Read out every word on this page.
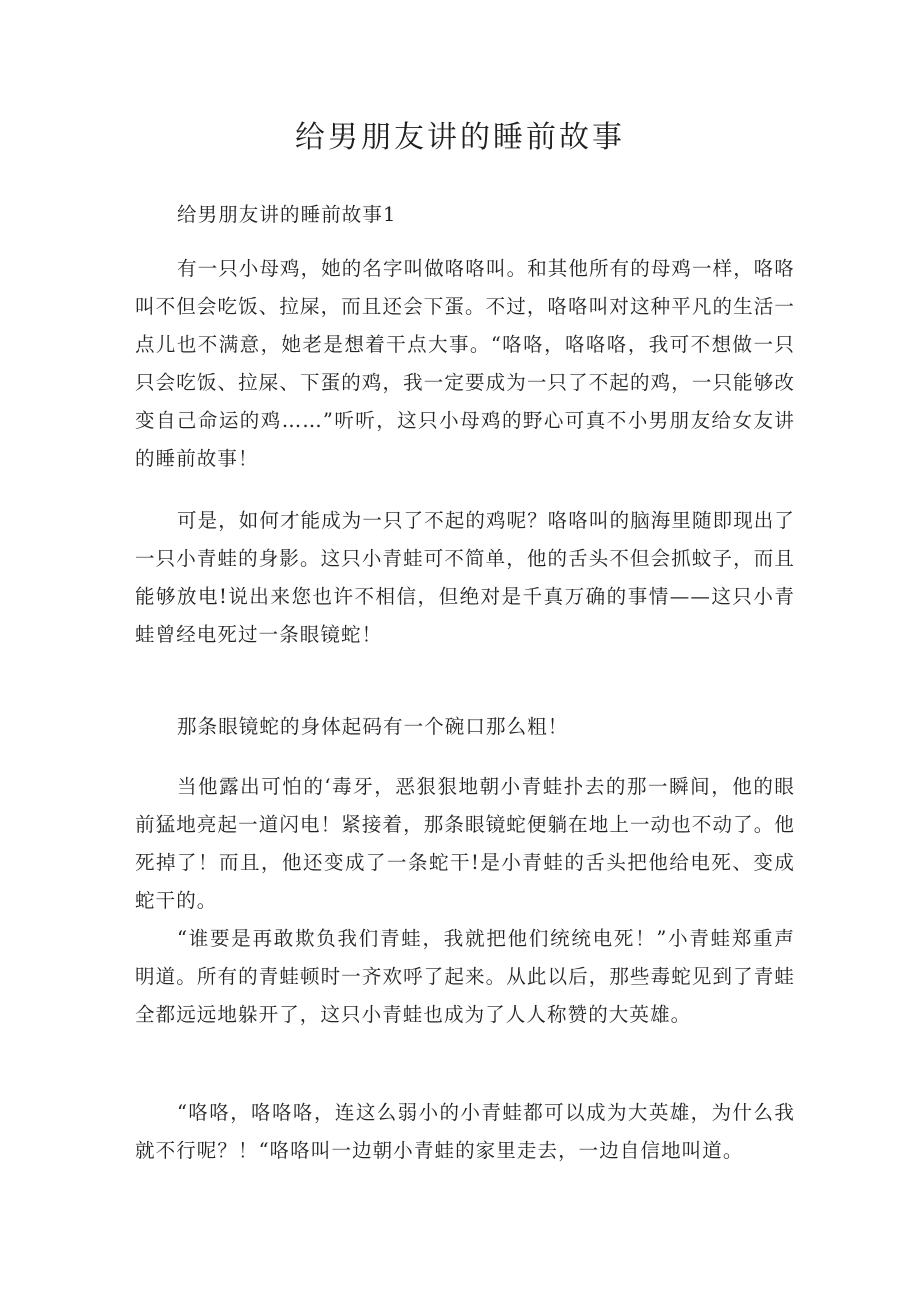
给男朋友讲的睡前故事

给男朋友讲的睡前故事1

有一只小母鸡，她的名字叫做咯咯叫。和其他所有的母鸡一样，咯咯叫不但会吃饭、拉屎，而且还会下蛋。不过，咯咯叫对这种平凡的生活一点儿也不满意，她老是想着干点大事。“咯咯，咯咯咯，我可不想做一只只会吃饭、拉屎、下蛋的鸡，我一定要成为一只了不起的鸡，一只能够改变自己命运的鸡……”听听，这只小母鸡的野心可真不小男朋友给女友讲的睡前故事！

可是，如何才能成为一只了不起的鸡呢？咯咯叫的脑海里随即现出了一只小青蛙的身影。这只小青蛙可不简单，他的舌头不但会抓蚊子，而且能够放电!说出来您也许不相信，但绝对是千真万确的事情——这只小青蛙曾经电死过一条眼镜蛇！

那条眼镜蛇的身体起码有一个碗口那么粗！

当他露出可怕的‘毒牙，恶狠狠地朝小青蛙扑去的那一瞬间，他的眼前猛地亮起一道闪电！紧接着，那条眼镜蛇便躺在地上一动也不动了。他死掉了！而且，他还变成了一条蛇干!是小青蛙的舌头把他给电死、变成蛇干的。

“谁要是再敢欺负我们青蛙，我就把他们统统电死！”小青蛙郑重声明道。所有的青蛙顿时一齐欢呼了起来。从此以后，那些毒蛇见到了青蛙全都远远地躲开了，这只小青蛙也成为了人人称赞的大英雄。

“咯咯，咯咯咯，连这么弱小的小青蛙都可以成为大英雄，为什么我就不行呢？！“咯咯叫一边朝小青蛙的家里走去，一边自信地叫道。
